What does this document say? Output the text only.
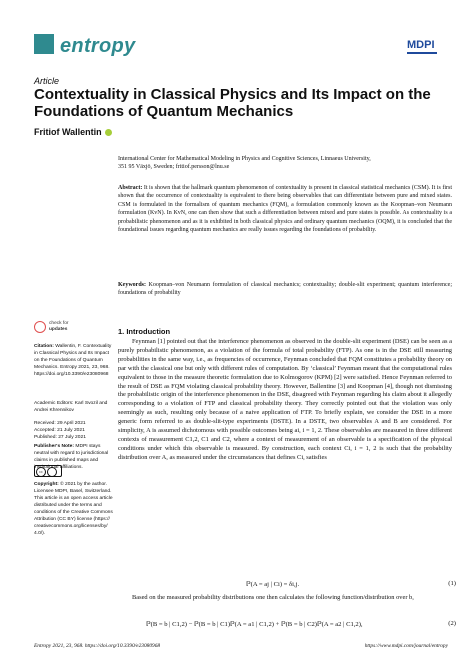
entropy	MDPI
Article
Contextuality in Classical Physics and Its Impact on the Foundations of Quantum Mechanics
Fritiof Wallentin
International Center for Mathematical Modeling in Physics and Cognitive Sciences, Linnaeus University,
351 95 Växjö, Sweden; fritiof.persson@lnu.se
Abstract: It is shown that the hallmark quantum phenomenon of contextuality is present in classical statistical mechanics (CSM). It is first shown that the occurrence of contextuality is equivalent to there being observables that can differentiate between pure and mixed states. CSM is formulated in the formalism of quantum mechanics (FQM), a formulation commonly known as the Koopman–von Neumann formulation (KvN). In KvN, one can then show that such a differentiation between mixed and pure states is possible. As contextuality is a probabilistic phenomenon and as it is exhibited in both classical physics and ordinary quantum mechanics (OQM), it is concluded that the foundational issues regarding quantum mechanics are really issues regarding the foundations of probability.
Keywords: Koopman–von Neumann formulation of classical mechanics; contextuality; double-slit experiment; quantum interference; foundations of probability
check for
updates
Citation: Wallentin, F. Contextuality in Classical Physics and Its Impact on the Foundations of Quantum Mechanics. Entropy 2021, 23, 968. https://doi.org/10.3390/e23080968
Academic Editors: Karl Svozil and Andrei Khrennikov
Received: 29 April 2021
Accepted: 21 July 2021
Published: 27 July 2021
Publisher's Note: MDPI stays neutral with regard to jurisdictional claims in published maps and institutional affiliations.
cc
Copyright: © 2021 by the author. Licensee MDPI, Basel, Switzerland. This article is an open access article distributed under the terms and conditions of the Creative Commons Attribution (CC BY) license (https:// creativecommons.org/licenses/by/ 4.0/).
1. Introduction
Feynman [1] pointed out that the interference phenomenon as observed in the double-slit experiment (DSE) can be seen as a purely probabilistic phenomenon, as a violation of the formula of total probability (FTP). As one is in the DSE still measuring probabilities in the same way, i.e., as frequencies of occurrence, Feynman concluded that FQM constitutes a probability theory on par with the classical one but only with different rules of computation. By ‘classical’ Feynman meant that the computational rules equivalent to those in the measure theoretic formulation due to Kolmogorov (KPM) [2] were satisfied. Hence Feynman referred to the result of DSE as FQM violating classical probability theory. However, Ballentine [3] and Koopman [4], though not dismissing the probabilistic origin of the interference phenomenon in the DSE, disagreed with Feynman regarding his claim about it allegedly corresponding to a violation of FTP and classical probability theory. They correctly pointed out that the violation was only seemingly as such, resulting only because of a naive application of FTP. To briefly explain, we consider the DSE in a more generic form referred to as double-slit-type experiments (DSTE). In a DSTE, two observables A and B are considered. For simplicity, A is assumed dichotomous with possible outcomes being ai, i = 1, 2. These observables are measured in three different contexts of measurement C1,2, C1 and C2, where a context of measurement of an observable is a specification of the physical conditions under which this observable is measured. By construction, each context Ci, i = 1, 2 is such that the probability distribution over A, as measured under the circumstances that defines Ci, satisfies
ℙ(A = aj | Ci) = δi,j.	(1)
Based on the measured probability distributions one then calculates the following function/distribution over b,
ℙ(B = b | C1,2) − ℙ(B = b | C1)ℙ(A = a1 | C1,2) + ℙ(B = b | C2)ℙ(A = a2 | C1,2),	(2)
Entropy 2021, 23, 968. https://doi.org/10.3390/e23080968	https://www.mdpi.com/journal/entropy
